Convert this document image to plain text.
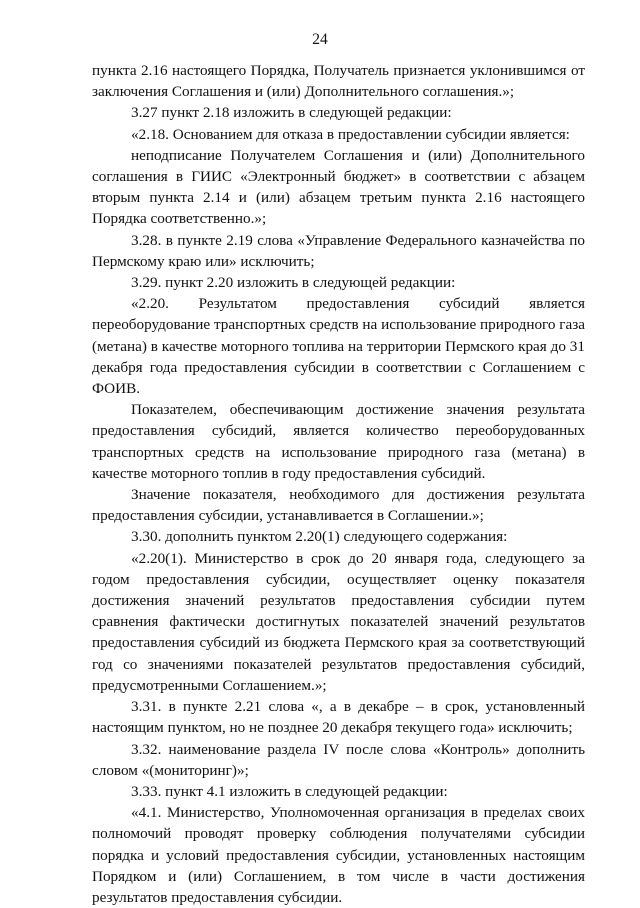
24

пункта 2.16 настоящего Порядка, Получатель признается уклонившимся от заключения Соглашения и (или) Дополнительного соглашения.»;

3.27 пункт 2.18 изложить в следующей редакции:

«2.18. Основанием для отказа в предоставлении субсидии является:

неподписание Получателем Соглашения и (или) Дополнительного соглашения в ГИИС «Электронный бюджет» в соответствии с абзацем вторым пункта 2.14 и (или) абзацем третьим пункта 2.16 настоящего Порядка соответственно.»;

3.28. в пункте 2.19 слова «Управление Федерального казначейства по Пермскому краю или» исключить;

3.29. пункт 2.20 изложить в следующей редакции:

«2.20. Результатом предоставления субсидий является переоборудование транспортных средств на использование природного газа (метана) в качестве моторного топлива на территории Пермского края до 31 декабря года предоставления субсидии в соответствии с Соглашением с ФОИВ.

Показателем, обеспечивающим достижение значения результата предоставления субсидий, является количество переоборудованных транспортных средств на использование природного газа (метана) в качестве моторного топлив в году предоставления субсидий.

Значение показателя, необходимого для достижения результата предоставления субсидии, устанавливается в Соглашении.»;

3.30. дополнить пунктом 2.20(1) следующего содержания:

«2.20(1). Министерство в срок до 20 января года, следующего за годом предоставления субсидии, осуществляет оценку показателя достижения значений результатов предоставления субсидии путем сравнения фактически достигнутых показателей значений результатов предоставления субсидий из бюджета Пермского края за соответствующий год со значениями показателей результатов предоставления субсидий, предусмотренными Соглашением.»;

3.31. в пункте 2.21 слова «, а в декабре – в срок, установленный настоящим пунктом, но не позднее 20 декабря текущего года» исключить;

3.32. наименование раздела IV после слова «Контроль» дополнить словом «(мониторинг)»;

3.33. пункт 4.1 изложить в следующей редакции:

«4.1. Министерство, Уполномоченная организация в пределах своих полномочий проводят проверку соблюдения получателями субсидии порядка и условий предоставления субсидии, установленных настоящим Порядком и (или) Соглашением, в том числе в части достижения результатов предоставления субсидии.
